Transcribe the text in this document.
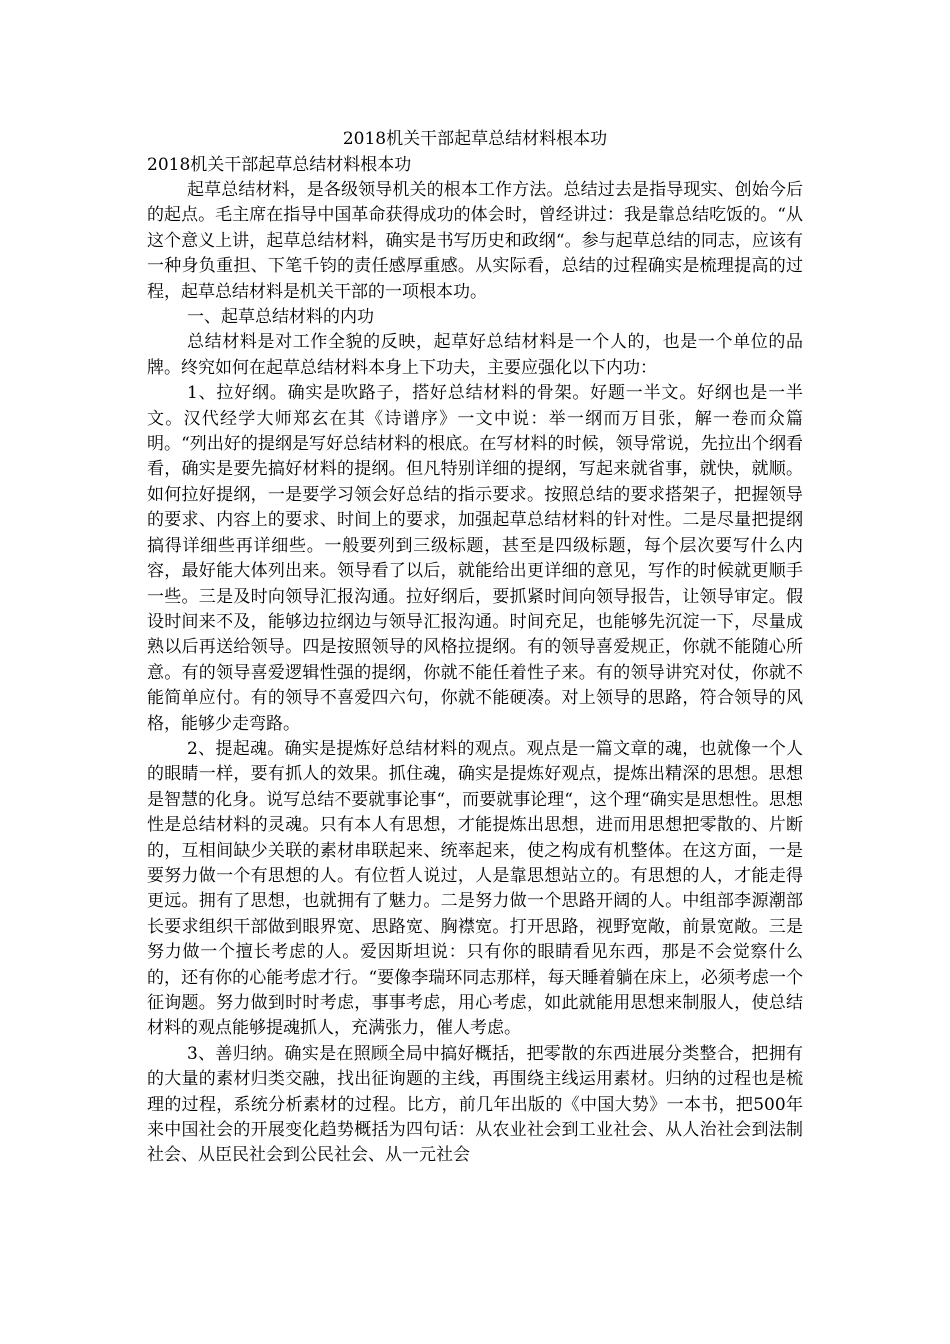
2018机关干部起草总结材料根本功
2018机关干部起草总结材料根本功

起草总结材料，是各级领导机关的根本工作方法。总结过去是指导现实、创始今后的起点。毛主席在指导中国革命获得成功的体会时，曾经讲过：我是靠总结吃饭的。“从这个意义上讲，起草总结材料，确实是书写历史和政纲“。参与起草总结的同志，应该有一种身负重担、下笔千钧的责任感厚重感。从实际看，总结的过程确实是梳理提高的过程，起草总结材料是机关干部的一项根本功。

一、起草总结材料的内功

总结材料是对工作全貌的反映，起草好总结材料是一个人的，也是一个单位的品牌。终究如何在起草总结材料本身上下功夫，主要应强化以下内功：

1、拉好纲。确实是吹路子，搭好总结材料的骨架。好题一半文。好纲也是一半文。汉代经学大师郑玄在其《诗谱序》一文中说：举一纲而万目张，解一卷而众篇明。“列出好的提纲是写好总结材料的根底。在写材料的时候，领导常说，先拉出个纲看看，确实是要先搞好材料的提纲。但凡特别详细的提纲，写起来就省事，就快，就顺。如何拉好提纲，一是要学习领会好总结的指示要求。按照总结的要求搭架子，把握领导的要求、内容上的要求、时间上的要求，加强起草总结材料的针对性。二是尽量把提纲搞得详细些再详细些。一般要列到三级标题，甚至是四级标题，每个层次要写什么内容，最好能大体列出来。领导看了以后，就能给出更详细的意见，写作的时候就更顺手一些。三是及时向领导汇报沟通。拉好纲后，要抓紧时间向领导报告，让领导审定。假设时间来不及，能够边拉纲边与领导汇报沟通。时间充足，也能够先沉淀一下，尽量成熟以后再送给领导。四是按照领导的风格拉提纲。有的领导喜爱规正，你就不能随心所意。有的领导喜爱逻辑性强的提纲，你就不能任着性子来。有的领导讲究对仗，你就不能简单应付。有的领导不喜爱四六句，你就不能硬凑。对上领导的思路，符合领导的风格，能够少走弯路。

2、提起魂。确实是提炼好总结材料的观点。观点是一篇文章的魂，也就像一个人的眼睛一样，要有抓人的效果。抓住魂，确实是提炼好观点，提炼出精深的思想。思想是智慧的化身。说写总结不要就事论事“，而要就事论理“，这个理“确实是思想性。思想性是总结材料的灵魂。只有本人有思想，才能提炼出思想，进而用思想把零散的、片断的，互相间缺少关联的素材串联起来、统率起来，使之构成有机整体。在这方面，一是要努力做一个有思想的人。有位哲人说过，人是靠思想站立的。有思想的人，才能走得更远。拥有了思想，也就拥有了魅力。二是努力做一个思路开阔的人。中组部李源潮部长要求组织干部做到眼界宽、思路宽、胸襟宽。打开思路，视野宽敞，前景宽敞。三是努力做一个擅长考虑的人。爱因斯坦说：只有你的眼睛看见东西，那是不会觉察什么的，还有你的心能考虑才行。“要像李瑞环同志那样，每天睡着躺在床上，必须考虑一个征询题。努力做到时时考虑，事事考虑，用心考虑，如此就能用思想来制服人，使总结材料的观点能够提魂抓人，充满张力，催人考虑。

3、善归纳。确实是在照顾全局中搞好概括，把零散的东西进展分类整合，把拥有的大量的素材归类交融，找出征询题的主线，再围绕主线运用素材。归纳的过程也是梳理的过程，系统分析素材的过程。比方，前几年出版的《中国大势》一本书，把500年来中国社会的开展变化趋势概括为四句话：从农业社会到工业社会、从人治社会到法制社会、从臣民社会到公民社会、从一元社会
